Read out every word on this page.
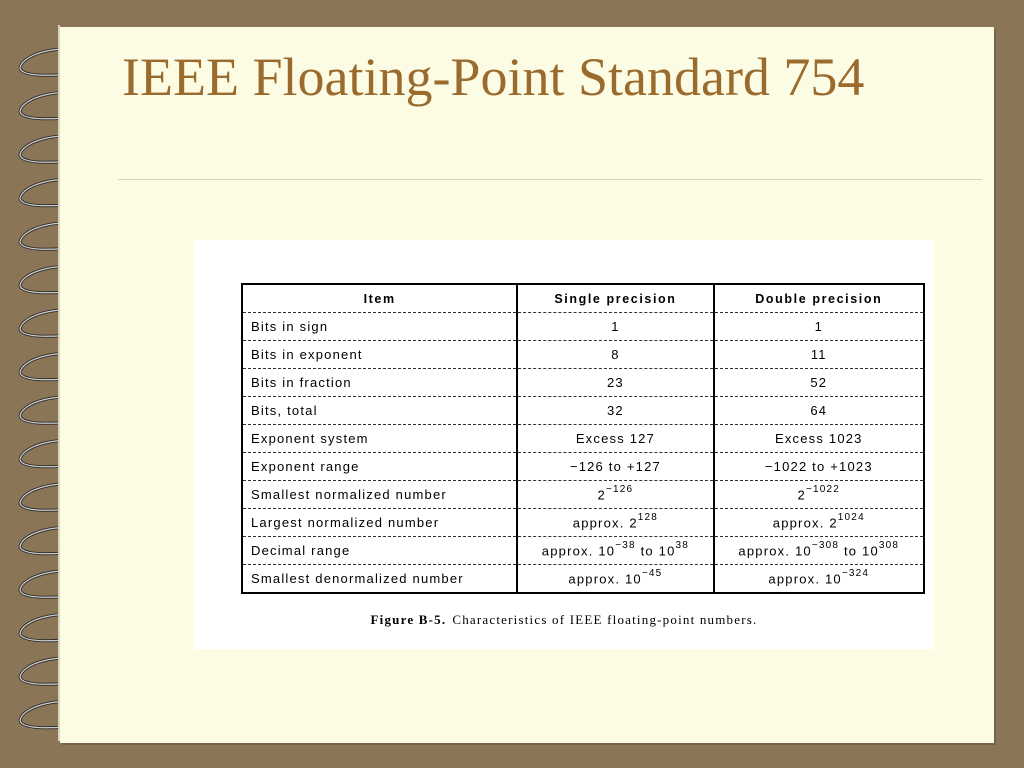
IEEE Floating-Point Standard 754
Item	Single precision	Double precision
Bits in sign	1	1
Bits in exponent	8	11
Bits in fraction	23	52
Bits, total	32	64
Exponent system	Excess 127	Excess 1023
Exponent range	−126 to +127	−1022 to +1023
Smallest normalized number	$2^{-126}$	$2^{-1022}$
Largest normalized number	approx. $2^{128}$	approx. $2^{1024}$
Decimal range	approx. $10^{-38}$ to $10^{38}$	approx. $10^{-308}$ to $10^{308}$
Smallest denormalized number	approx. $10^{-45}$	approx. $10^{-324}$
Figure B-5. Characteristics of IEEE floating-point numbers.
